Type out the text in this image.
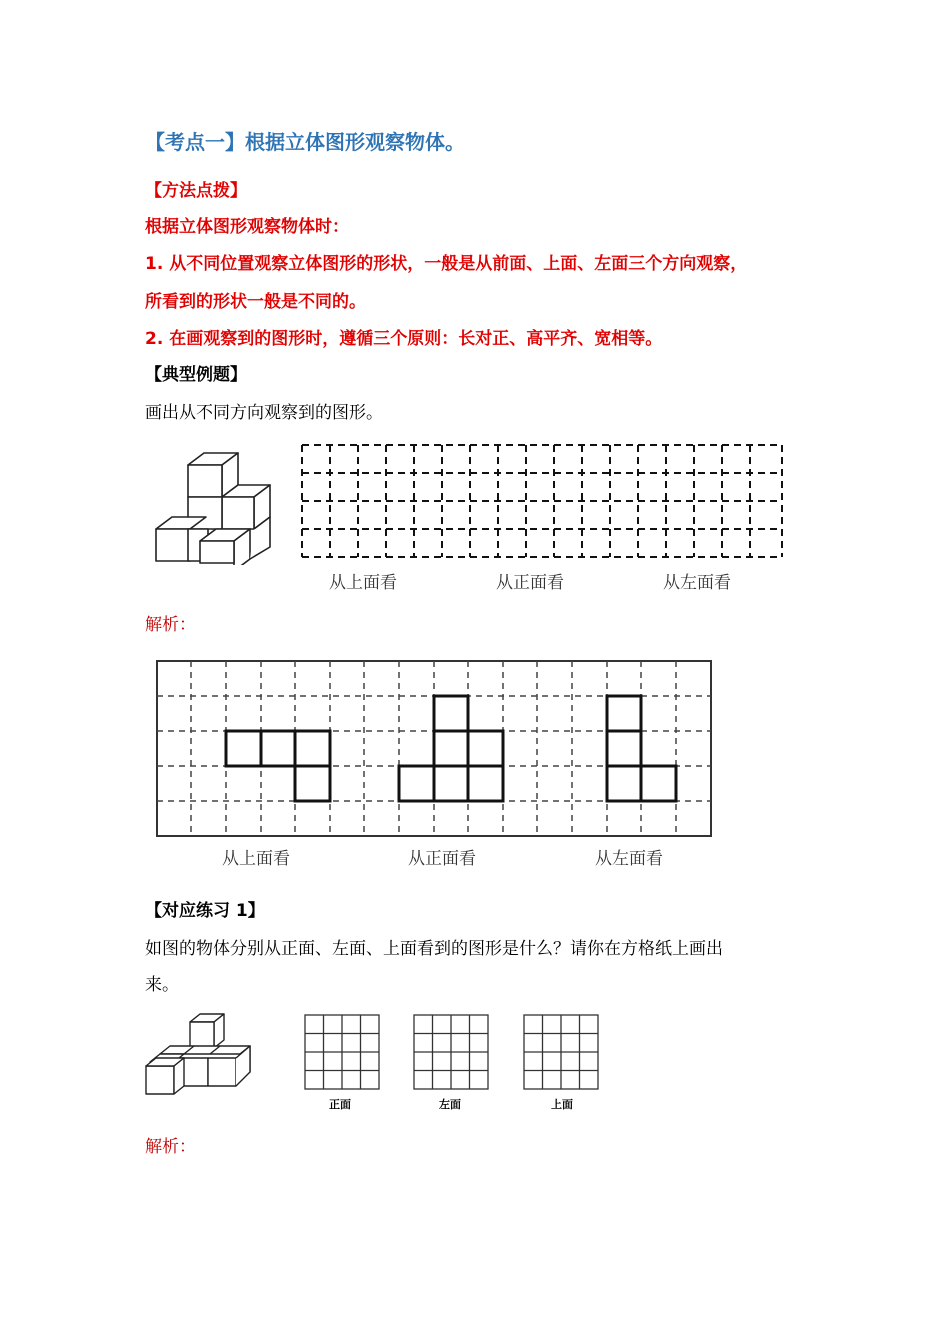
【考点一】根据立体图形观察物体。
【方法点拨】
根据立体图形观察物体时：
1. 从不同位置观察立体图形的形状，一般是从前面、上面、左面三个方向观察，
所看到的形状一般是不同的。
2. 在画观察到的图形时，遵循三个原则：长对正、高平齐、宽相等。
【典型例题】
画出从不同方向观察到的图形。
从上面看	从正面看	从左面看
解析：
从上面看	从正面看	从左面看
【对应练习 1】
如图的物体分别从正面、左面、上面看到的图形是什么？请你在方格纸上画出
来。
正面	左面	上面
解析：
